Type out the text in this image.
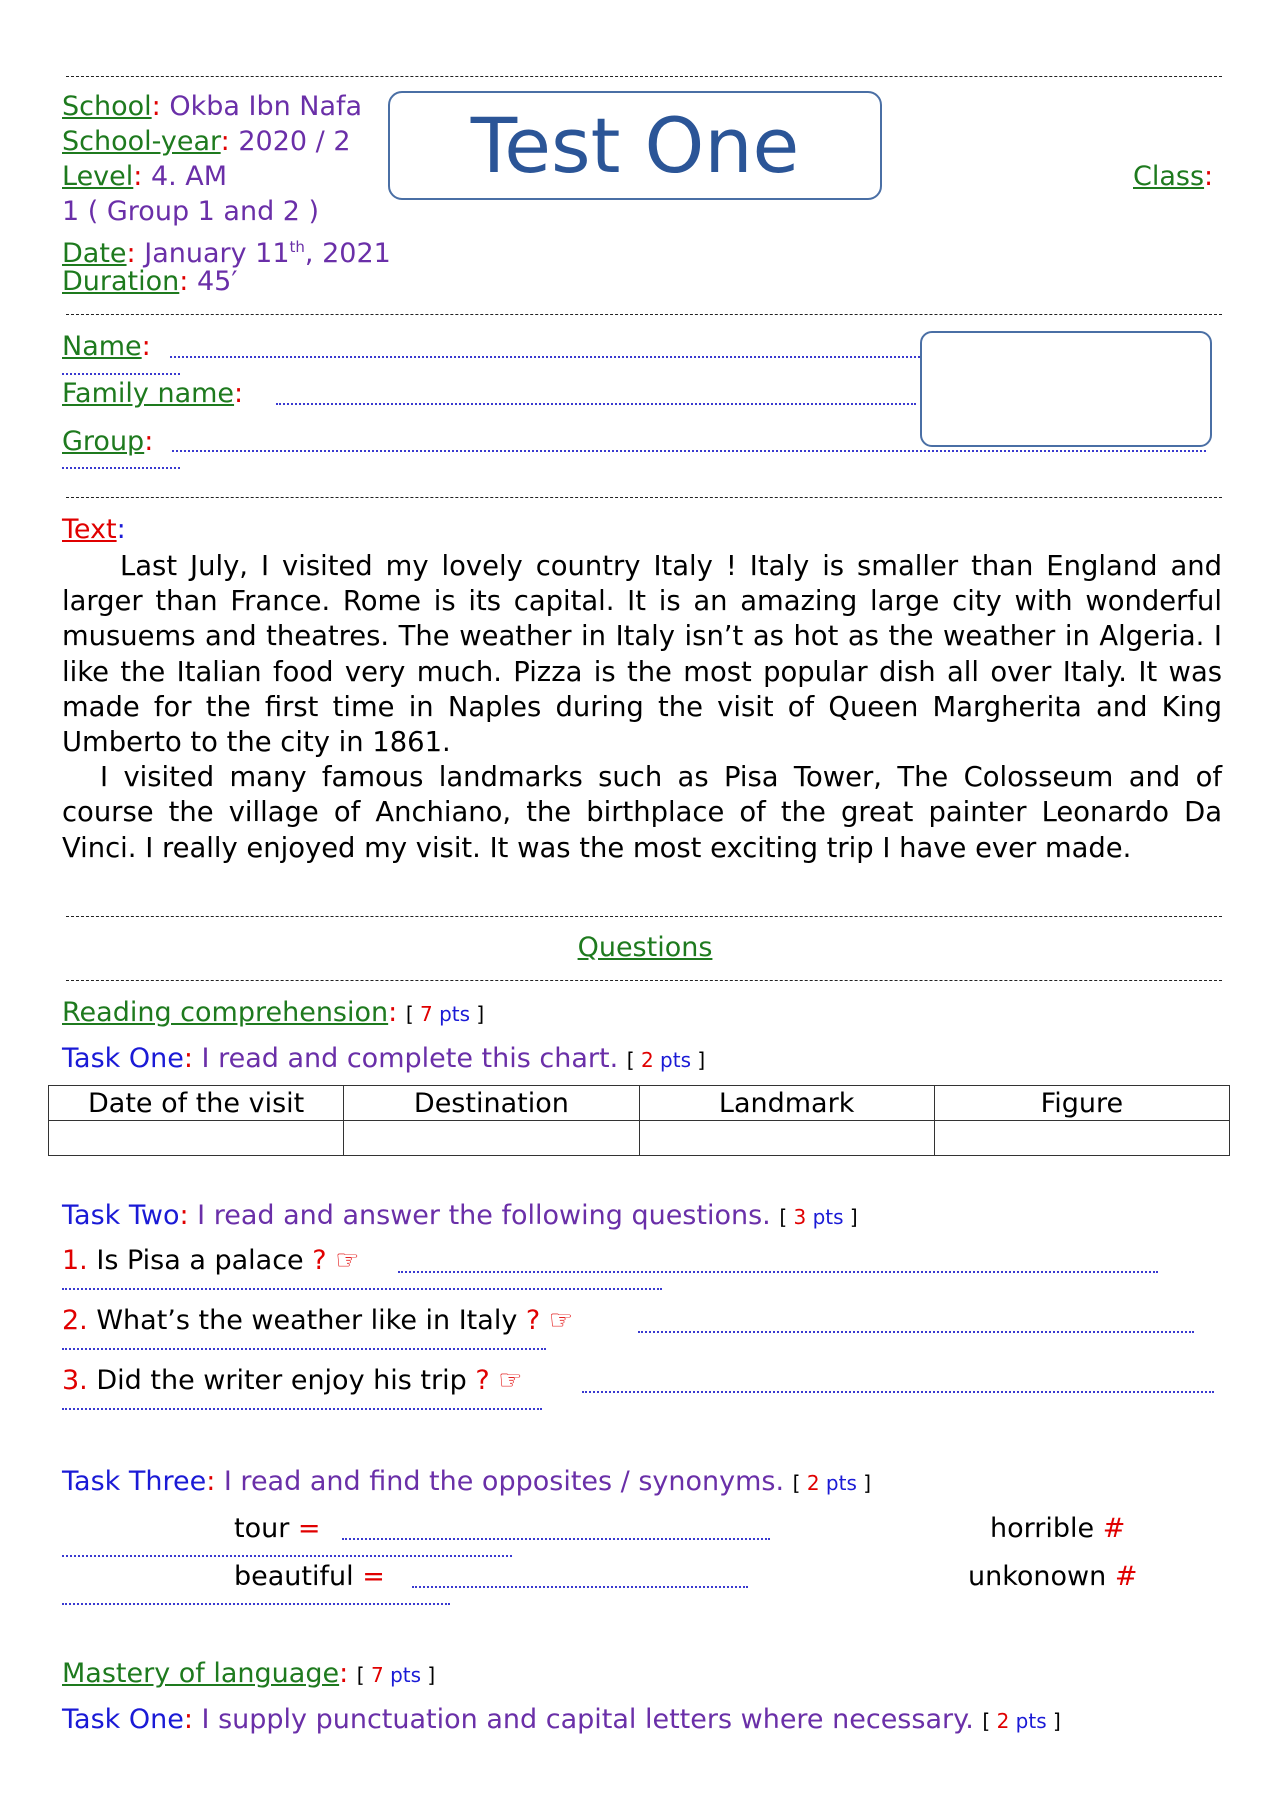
School: Okba Ibn Nafa
School-year: 2020 / 2
Level: 4. AM	Class:
1 ( Group 1 and 2 )
Date: January 11th, 2021
Duration: 45′
Test One
Name:
Family name:
Group:
Text:

Last July, I visited my lovely country Italy ! Italy is smaller than England and larger than France. Rome is its capital. It is an amazing large city with wonderful musuems and theatres. The weather in Italy isn’t as hot as the weather in Algeria. I like the Italian food very much. Pizza is the most popular dish all over Italy. It was made for the first time in Naples during the visit of Queen Margherita and King Umberto to the city in 1861.

I visited many famous landmarks such as Pisa Tower, The Colosseum and of course the village of Anchiano, the birthplace of the great painter Leonardo Da Vinci. I really enjoyed my visit. It was the most exciting trip I have ever made.

Questions
Reading comprehension: [ 7 pts ]
Task One: I read and complete this chart. [ 2 pts ]
Date of the visit	Destination	Landmark	Figure

Task Two: I read and answer the following questions. [ 3 pts ]
1. Is Pisa a palace ? ☞
2. What’s the weather like in Italy ? ☞
3. Did the writer enjoy his trip ? ☞
Task Three: I read and find the opposites / synonyms. [ 2 pts ]
tour =	horrible #
beautiful =	unkonown #
Mastery of language: [ 7 pts ]
Task One: I supply punctuation and capital letters where necessary. [ 2 pts ]
